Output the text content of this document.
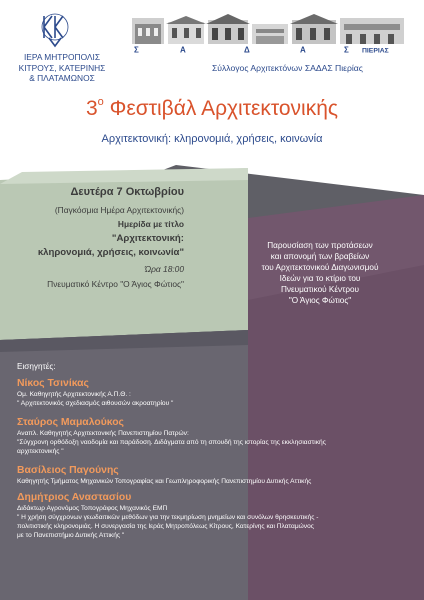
ΙΕΡΑ ΜΗΤΡΟΠΟΛΙΣ
ΚΙΤΡΟΥΣ, ΚΑΤΕΡΙΝΗΣ
& ΠΛΑΤΑΜΩΝΟΣ
Σ	Α	Δ	Α	Σ ΠΙΕΡΙΑΣ
Σύλλογος Αρχιτεκτόνων ΣΑΔΑΣ Πιερίας
$3^o$ Φεστιβάλ Αρχιτεκτονικής
Αρχιτεκτονική: κληρονομιά, χρήσεις, κοινωνία
Δευτέρα 7 Οκτωβρίου
(Παγκόσμια Ημέρα Αρχιτεκτονικής)
Ημερίδα με τίτλο
"Αρχιτεκτονική:
κληρονομιά, χρήσεις, κοινωνία"
Ώρα 18:00
Πνευματικό Κέντρο "Ο Άγιος Φώτιος"
Παρουσίαση των προτάσεων
και απονομή των βραβείων
του Αρχιτεκτονικού Διαγωνισμού
Ιδεών για το κτίριο του
Πνευματικού Κέντρου
"Ο Άγιος Φώτιος"
Εισηγητές:
Νίκος Τσινίκας
Ομ. Καθηγητής Αρχιτεκτονικής Α.Π.Θ. :
" Αρχιτεκτονικός σχεδιασμός αιθουσών ακροατηρίου "
Σταύρος Μαμαλούκος
Αναπλ. Καθηγητής Αρχιτεκτονικής Πανεπιστημίου Πατρών:
"Σύγχρονη ορθόδοξη ναοδομία και παράδοση. Διδάγματα από τη σπουδή της ιστορίας της εκκλησιαστικής
αρχιτεκτονικής "
Βασίλειος Παγούνης
Καθηγητής Τμήματος Μηχανικών Τοπογραφίας και Γεωπληροφορικής Πανεπιστημίου Δυτικής Αττικής
Δημήτριος Αναστασίου
Διδάκτωρ Αγρονόμος Τοπογράφος Μηχανικός ΕΜΠ
" Η χρήση σύγχρονων γεωδαιτικών μεθόδων για την τεκμηρίωση μνημείων και συνόλων θρησκευτικής -
πολιτιστικής κληρονομιάς. Η συνεργασία της Ιεράς Μητροπόλεως Κίτρους, Κατερίνης και Πλαταμώνος
με το Πανεπιστήμιο Δυτικής Αττικής "
